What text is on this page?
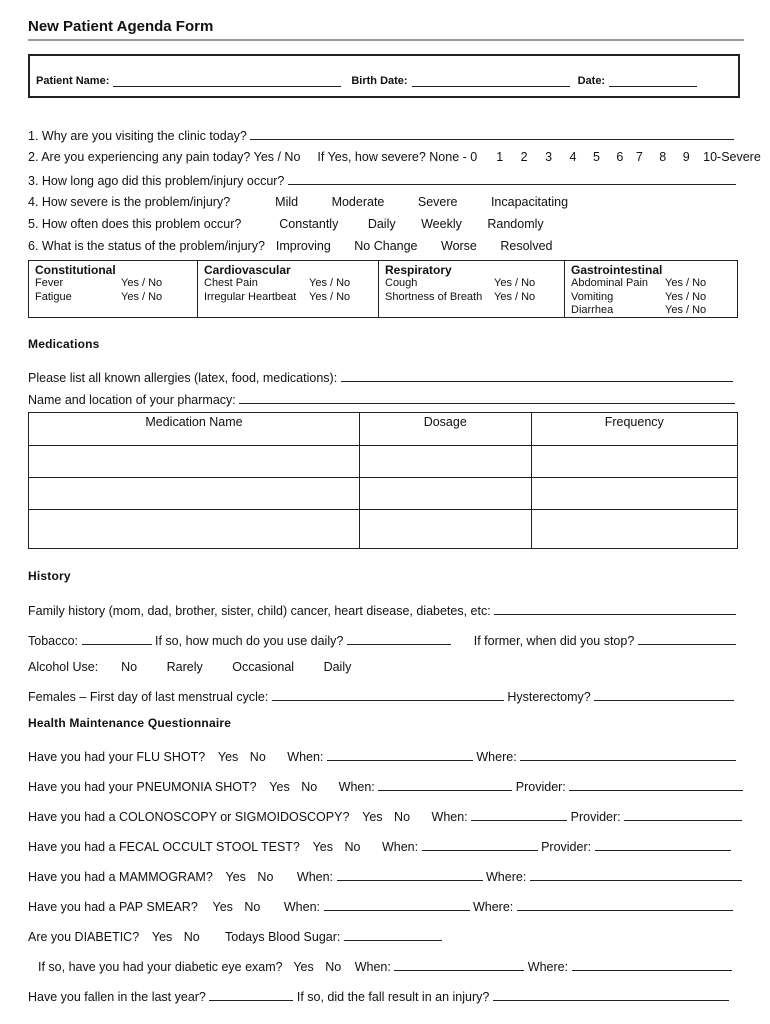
New Patient Agenda Form
Patient Name:	Birth Date:	Date:
1. Why are you visiting the clinic today?
2. Are you experiencing any pain today? Yes / No If Yes, how severe? None - 0 1 2 3 4 5 6 7 8 9 10-Severe
3. How long ago did this problem/injury occur?
4. How severe is the problem/injury?	Mild	Moderate	Severe	Incapacitating
5. How often does this problem occur?	Constantly Daily Weekly Randomly
6. What is the status of the problem/injury? Improving No Change Worse Resolved
Constitutional
Fever	Yes / No
Fatigue	Yes / No
Cardiovascular
Chest Pain	Yes / No
Irregular Heartbeat Yes / No
Respiratory
Cough	Yes / No
Shortness of Breath Yes / No
Gastrointestinal
Abdominal Pain Yes / No
Vomiting	Yes / No
Diarrhea	Yes / No
Medications
Please list all known allergies (latex, food, medications):
Name and location of your pharmacy:
Medication Name	Dosage	Frequency

History
Family history (mom, dad, brother, sister, child) cancer, heart disease, diabetes, etc:
Tobacco:	If so, how much do you use daily?	If former, when did you stop?
Alcohol Use: No Rarely Occasional Daily
Females – First day of last menstrual cycle:	Hysterectomy?
Health Maintenance Questionnaire
Have you had your FLU SHOT? Yes No When:	Where:
Have you had your PNEUMONIA SHOT? Yes No When:	Provider:
Have you had a COLONOSCOPY or SIGMOIDOSCOPY? Yes No When:	Provider:
Have you had a FECAL OCCULT STOOL TEST? Yes No When:	Provider:
Have you had a MAMMOGRAM? Yes No When:	Where:
Have you had a PAP SMEAR? Yes No When:	Where:
Are you DIABETIC? Yes No Todays Blood Sugar:
If so, have you had your diabetic eye exam? Yes No When:	Where:
Have you fallen in the last year?	If so, did the fall result in an injury?
